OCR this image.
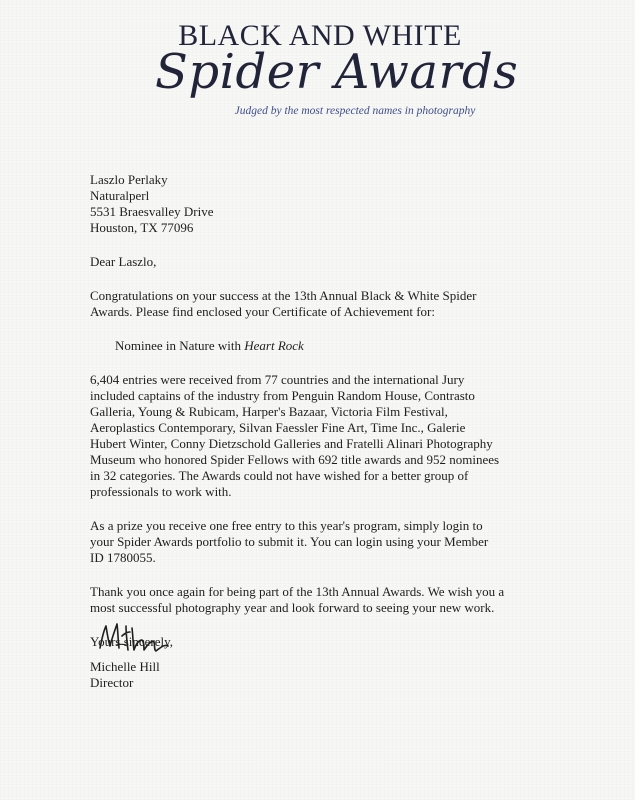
BLACK AND WHITE
Spider Awards
Judged by the most respected names in photography
Laszlo Perlaky
Naturalperl
5531 Braesvalley Drive
Houston, TX 77096
Dear Laszlo,
Congratulations on your success at the 13th Annual Black & White Spider
Awards. Please find enclosed your Certificate of Achievement for:
Nominee in Nature with Heart Rock
6,404 entries were received from 77 countries and the international Jury
included captains of the industry from Penguin Random House, Contrasto
Galleria, Young & Rubicam, Harper's Bazaar, Victoria Film Festival,
Aeroplastics Contemporary, Silvan Faessler Fine Art, Time Inc., Galerie
Hubert Winter, Conny Dietzschold Galleries and Fratelli Alinari Photography
Museum who honored Spider Fellows with 692 title awards and 952 nominees
in 32 categories. The Awards could not have wished for a better group of
professionals to work with.
As a prize you receive one free entry to this year's program, simply login to
your Spider Awards portfolio to submit it. You can login using your Member
ID 1780055.
Thank you once again for being part of the 13th Annual Awards. We wish you a
most successful photography year and look forward to seeing your new work.
Yours sincerely,
Michelle Hill
Director
